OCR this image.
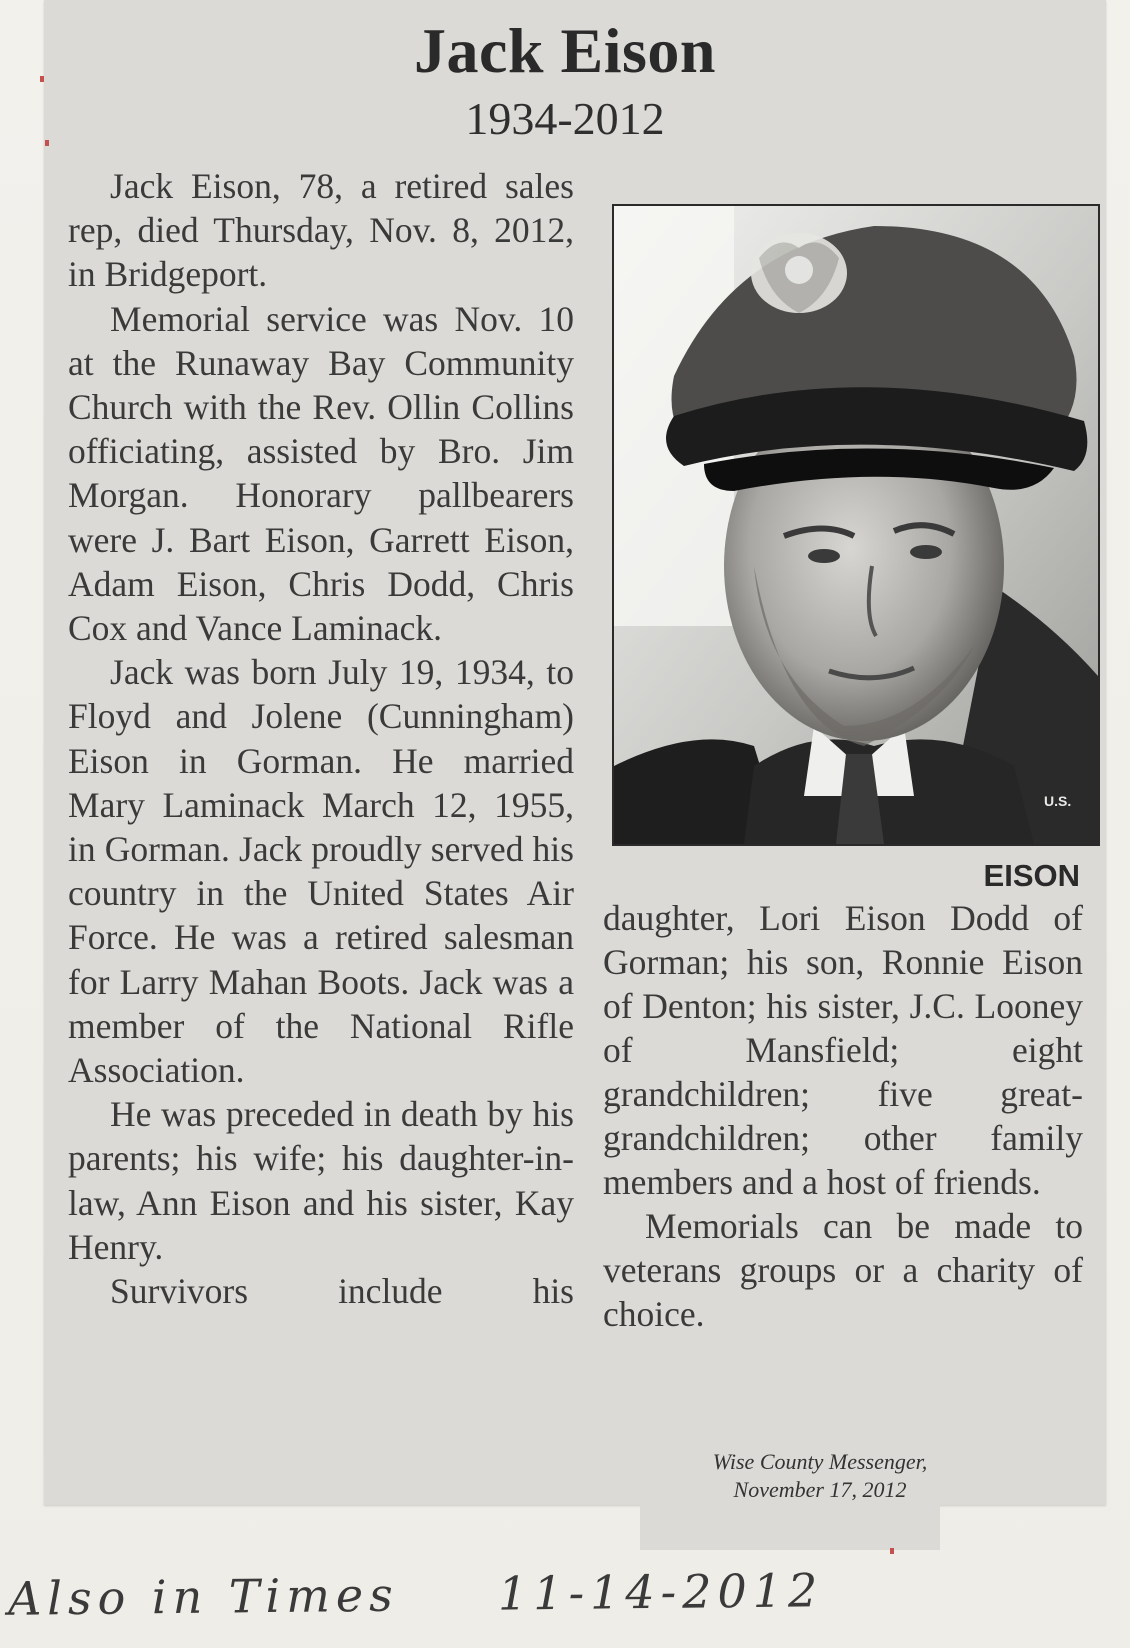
Jack Eison
1934-2012

Jack Eison, 78, a retired sales rep, died Thursday, Nov. 8, 2012, in Bridgeport.

Memorial service was Nov. 10 at the Runaway Bay Community Church with the Rev. Ollin Collins officiating, assisted by Bro. Jim Morgan. Honorary pallbearers were J. Bart Eison, Garrett Eison, Adam Eison, Chris Dodd, Chris Cox and Vance Laminack.

Jack was born July 19, 1934, to Floyd and Jolene (Cunningham) Eison in Gorman. He married Mary Laminack March 12, 1955, in Gorman. Jack proudly served his country in the United States Air Force. He was a retired salesman for Larry Mahan Boots. Jack was a member of the National Rifle Association.

He was preceded in death by his parents; his wife; his daughter-in-law, Ann Eison and his sister, Kay Henry.

Survivors include his

U.S.
EISON

daughter, Lori Eison Dodd of Gorman; his son, Ronnie Eison of Denton; his sister, J.C. Looney of Mansfield; eight grandchildren; five great-grandchildren; other family members and a host of friends.

Memorials can be made to veterans groups or a charity of choice.

Wise County Messenger,
November 17, 2012
Also in Times 11-14-2012
